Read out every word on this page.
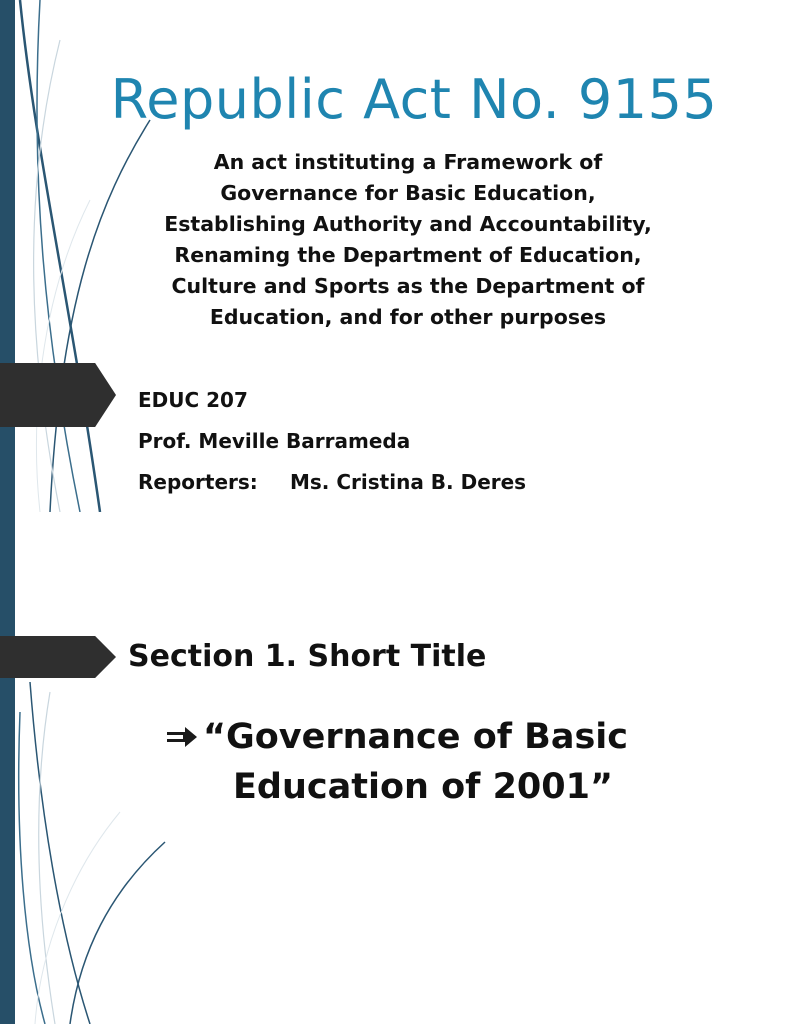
Republic Act No. 9155

An act instituting a Framework of
Governance for Basic Education,
Establishing Authority and Accountability,
Renaming the Department of Education,
Culture and Sports as the Department of
Education, and for other purposes

EDUC 207
Prof. Meville Barrameda
Reporters: Ms. Cristina B. Deres
Section 1. Short Title
“Governance of Basic
Education of 2001”
